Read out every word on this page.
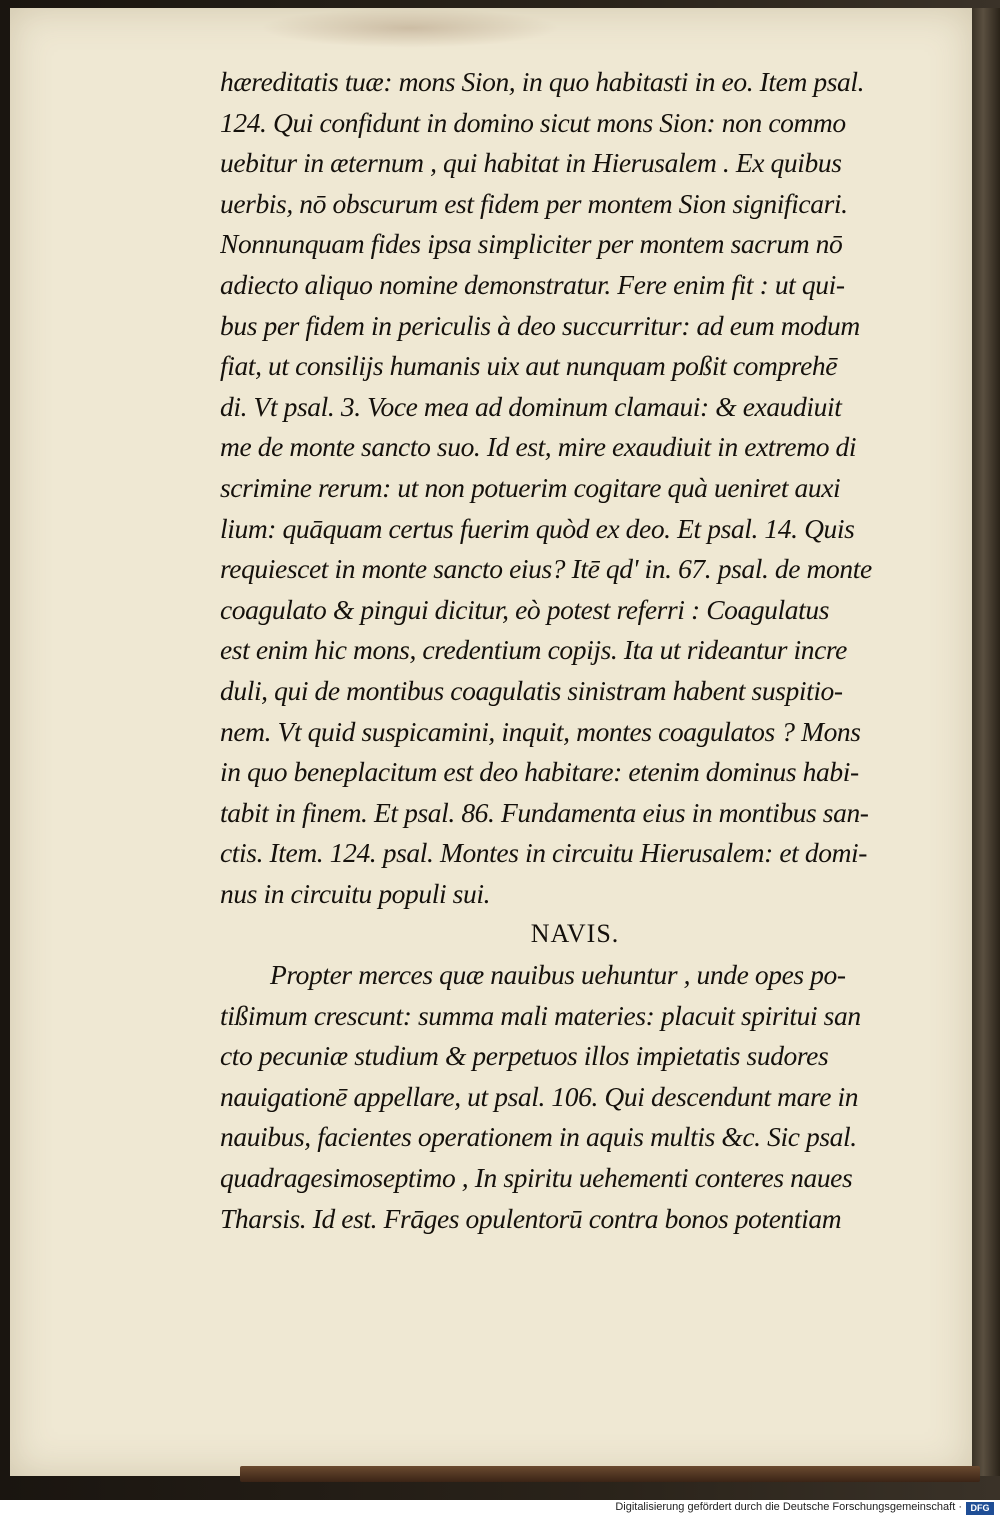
hæreditatis tuæ: mons Sion, in quo habitasti in eo. Item psal.
124. Qui confidunt in domino sicut mons Sion: non commo
uebitur in æternum , qui habitat in Hierusalem . Ex quibus
uerbis, nō obscurum est fidem per montem Sion significari.
Nonnunquam fides ipsa simpliciter per montem sacrum nō
adiecto aliquo nomine demonstratur. Fere enim fit : ut qui-
bus per fidem in periculis à deo succurritur: ad eum modum
fiat, ut consilijs humanis uix aut nunquam poßit comprehē
di. Vt psal. 3. Voce mea ad dominum clamaui: & exaudiuit
me de monte sancto suo. Id est, mire exaudiuit in extremo di
scrimine rerum: ut non potuerim cogitare quà ueniret auxi
lium: quāquam certus fuerim quòd ex deo. Et psal. 14. Quis
requiescet in monte sancto eius? Itē qd' in. 67. psal. de monte
coagulato & pingui dicitur, eò potest referri : Coagulatus
est enim hic mons, credentium copijs. Ita ut rideantur incre
duli, qui de montibus coagulatis sinistram habent suspitio-
nem. Vt quid suspicamini, inquit, montes coagulatos ? Mons
in quo beneplacitum est deo habitare: etenim dominus habi-
tabit in finem. Et psal. 86. Fundamenta eius in montibus san-
ctis. Item. 124. psal. Montes in circuitu Hierusalem: et domi-
nus in circuitu populi sui.
NAVIS.
Propter merces quæ nauibus uehuntur , unde opes po-
tißimum crescunt: summa mali materies: placuit spiritui san
cto pecuniæ studium & perpetuos illos impietatis sudores
nauigationē appellare, ut psal. 106. Qui descendunt mare in
nauibus, facientes operationem in aquis multis &c. Sic psal.
quadragesimoseptimo , In spiritu uehementi conteres naues
Tharsis. Id est. Frāges opulentorū contra bonos potentiam
Digitalisierung gefördert durch die Deutsche Forschungsgemeinschaft · DFG
